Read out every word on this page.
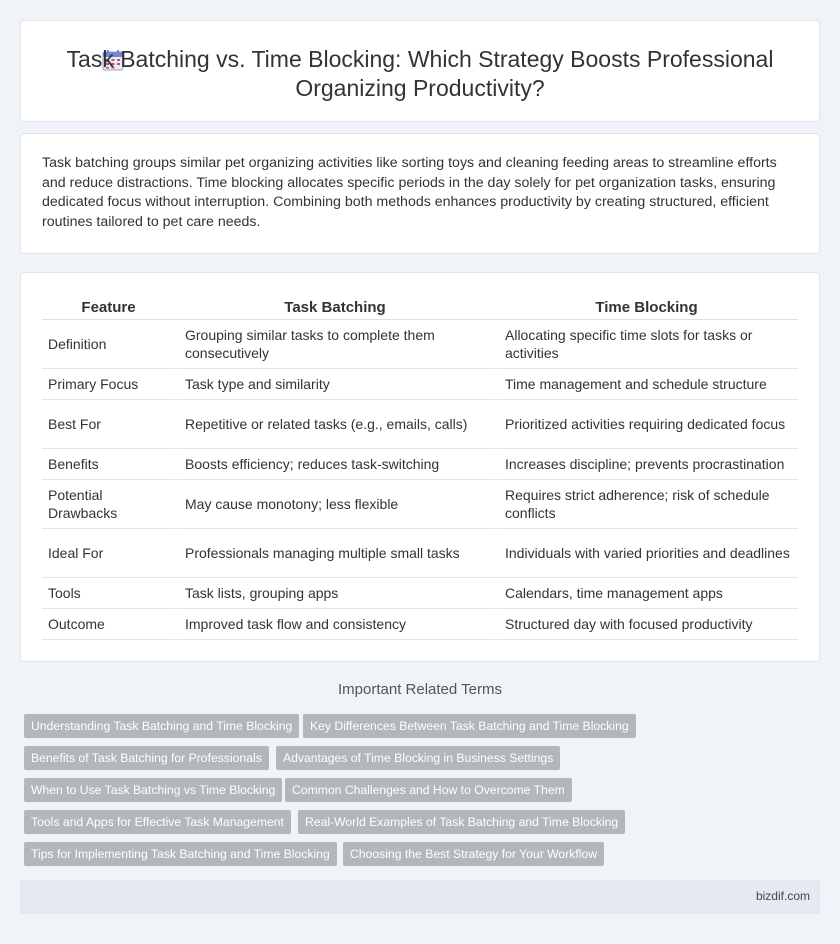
Task Batching vs. Time Blocking: Which Strategy Boosts Professional Organizing Productivity?

Task batching groups similar pet organizing activities like sorting toys and cleaning feeding areas to streamline efforts and reduce distractions. Time blocking allocates specific periods in the day solely for pet organization tasks, ensuring dedicated focus without interruption. Combining both methods enhances productivity by creating structured, efficient routines tailored to pet care needs.

Feature	Task Batching	Time Blocking
Definition	Grouping similar tasks to complete them consecutively	Allocating specific time slots for tasks or activities
Primary Focus	Task type and similarity	Time management and schedule structure
Best For	Repetitive or related tasks (e.g., emails, calls)	Prioritized activities requiring dedicated focus
Benefits	Boosts efficiency; reduces task-switching	Increases discipline; prevents procrastination
Potential Drawbacks	May cause monotony; less flexible	Requires strict adherence; risk of schedule conflicts
Ideal For	Professionals managing multiple small tasks	Individuals with varied priorities and deadlines
Tools	Task lists, grouping apps	Calendars, time management apps
Outcome	Improved task flow and consistency	Structured day with focused productivity
Important Related Terms
Understanding Task Batching and Time Blocking	Key Differences Between Task Batching and Time Blocking
Benefits of Task Batching for Professionals	Advantages of Time Blocking in Business Settings
When to Use Task Batching vs Time Blocking	Common Challenges and How to Overcome Them
Tools and Apps for Effective Task Management	Real-World Examples of Task Batching and Time Blocking
Tips for Implementing Task Batching and Time Blocking	Choosing the Best Strategy for Your Workflow
bizdif.com
